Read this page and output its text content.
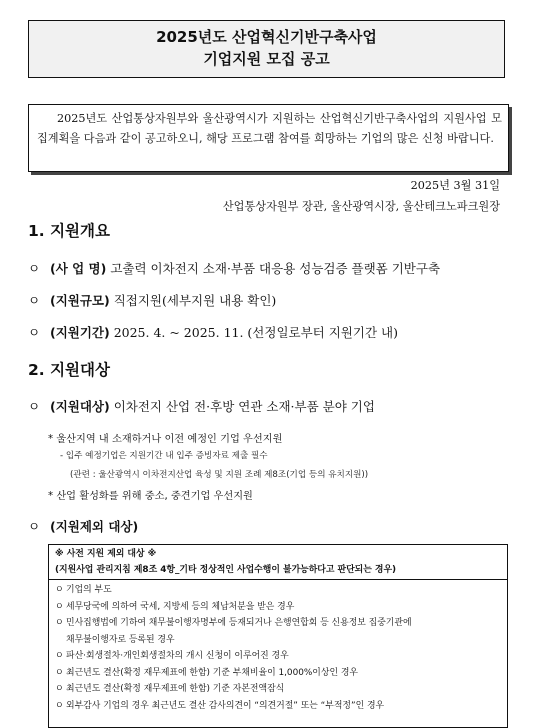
2025년도 산업혁신기반구축사업
기업지원 모집 공고
2025년도 산업통상자원부와 울산광역시가 지원하는 산업혁신기반구축사업의 지원사업 모집계획을 다음과 같이 공고하오니, 해당 프로그램 참여를 희망하는 기업의 많은 신청 바랍니다.
2025년 3월 31일
산업통상자원부 장관, 울산광역시장, 울산테크노파크원장
1. 지원개요
ㅇ (사 업 명) 고출력 이차전지 소재·부품 대응용 성능검증 플랫폼 기반구축
ㅇ (지원규모) 직접지원(세부지원 내용 확인)
ㅇ (지원기간) 2025. 4. ~ 2025. 11. (선정일로부터 지원기간 내)
2. 지원대상
ㅇ (지원대상) 이차전지 산업 전·후방 연관 소재·부품 분야 기업
* 울산지역 내 소재하거나 이전 예정인 기업 우선지원
- 입주 예정기업은 지원기간 내 입주 증빙자료 제출 필수
(관련 : 울산광역시 이차전지산업 육성 및 지원 조례 제8조(기업 등의 유치지원))
* 산업 활성화를 위해 중소, 중견기업 우선지원
ㅇ (지원제외 대상)
※ 사전 지원 제외 대상 ※
(지원사업 관리지침 제8조 4항_기타 정상적인 사업수행이 불가능하다고 판단되는 경우)
ㅇ 기업의 부도
ㅇ 세무당국에 의하여 국세, 지방세 등의 체납처분을 받은 경우
ㅇ 민사집행법에 기하여 채무불이행자명부에 등재되거나 은행연합회 등 신용정보 집중기관에
채무불이행자로 등록된 경우
ㅇ 파산·회생절차·개인회생절차의 개시 신청이 이루어진 경우
ㅇ 최근년도 결산(확정 재무제표에 한함) 기준 부채비율이 1,000%이상인 경우
ㅇ 최근년도 결산(확정 재무제표에 한함) 기준 자본전액잠식
ㅇ 외부감사 기업의 경우 최근년도 결산 감사의견이 “의견거절” 또는 “부적정”인 경우
